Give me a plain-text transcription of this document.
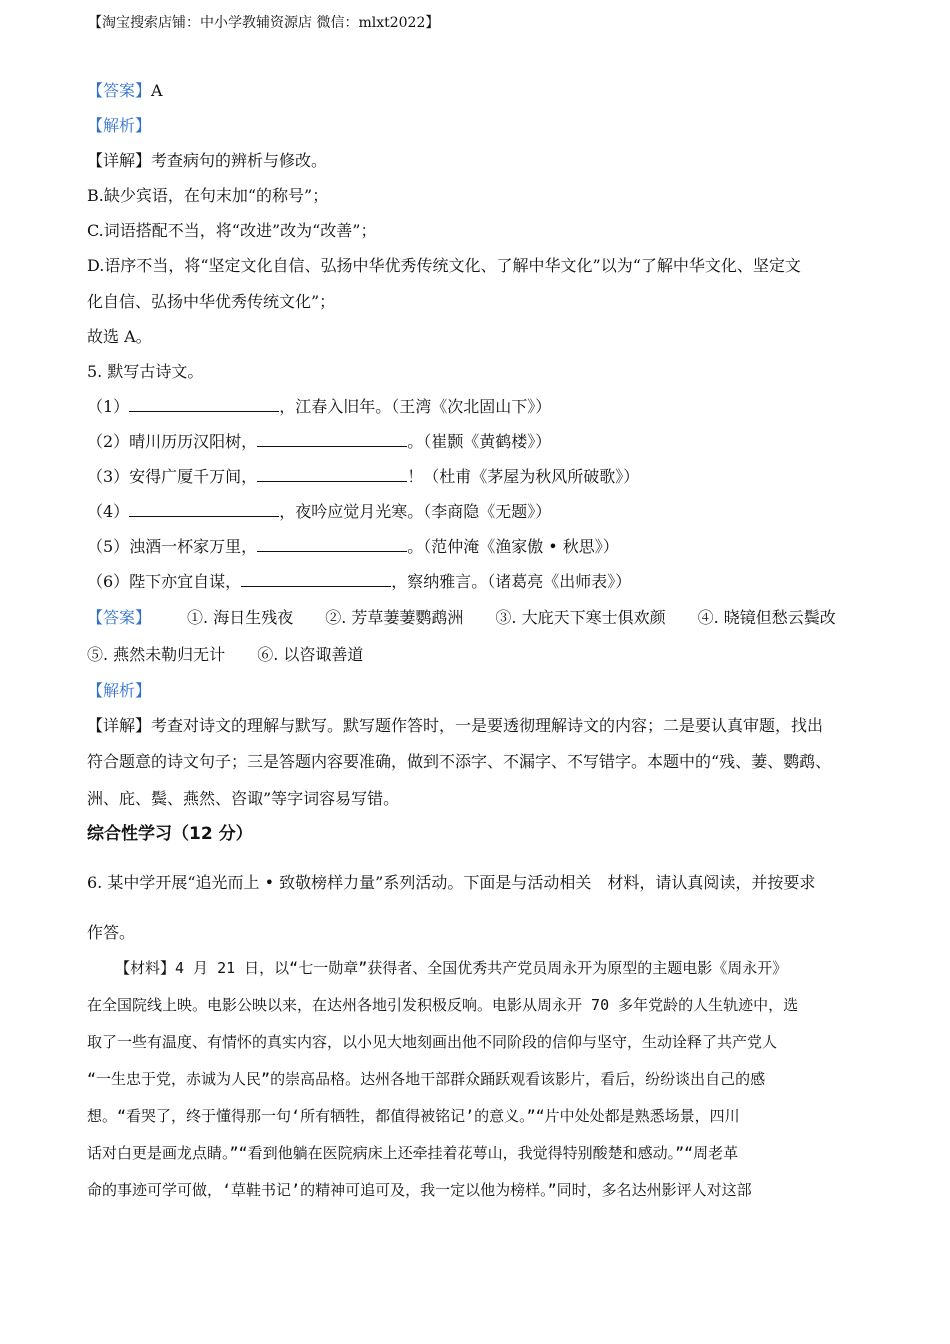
【淘宝搜索店铺：中小学教辅资源店 微信：mlxt2022】
【答案】A
【解析】
【详解】考查病句的辨析与修改。
B.缺少宾语，在句末加“的称号”；
C.词语搭配不当，将“改进”改为“改善”；
D.语序不当，将“坚定文化自信、弘扬中华优秀传统文化、了解中华文化”以为“了解中华文化、坚定文
化自信、弘扬中华优秀传统文化”；
故选 A。
5. 默写古诗文。
（1）	，江春入旧年。（王湾《次北固山下》）
（2）晴川历历汉阳树，	。（崔颢《黄鹤楼》）
（3）安得广厦千万间，	！（杜甫《茅屋为秋风所破歌》）
（4）	，夜吟应觉月光寒。（李商隐《无题》）
（5）浊酒一杯家万里，	。（范仲淹《渔家傲 • 秋思》）
（6）陛下亦宜自谋，	，察纳雅言。（诸葛亮《出师表》）
【答案】 ①. 海日生残夜 ②. 芳草萋萋鹦鹉洲 ③. 大庇天下寒士俱欢颜 ④. 晓镜但愁云鬓改
⑤. 燕然未勒归无计 ⑥. 以咨诹善道
【解析】
【详解】考查对诗文的理解与默写。默写题作答时，一是要透彻理解诗文的内容；二是要认真审题，找出
符合题意的诗文句子；三是答题内容要准确，做到不添字、不漏字、不写错字。本题中的“残、萋、鹦鹉、
洲、庇、鬓、燕然、咨诹”等字词容易写错。
综合性学习（12 分）
6. 某中学开展“追光而上 • 致敬榜样力量”系列活动。下面是与活动相关　材料，请认真阅读，并按要求
作答。
【材料】4 月 21 日，以“七一勋章”获得者、全国优秀共产党员周永开为原型的主题电影《周永开》
在全国院线上映。电影公映以来，在达州各地引发积极反响。电影从周永开 70 多年党龄的人生轨迹中，选
取了一些有温度、有情怀的真实内容，以小见大地刻画出他不同阶段的信仰与坚守，生动诠释了共产党人
“一生忠于党，赤诚为人民”的崇高品格。达州各地干部群众踊跃观看该影片，看后，纷纷谈出自己的感
想。“看哭了，终于懂得那一句‘所有牺牲，都值得被铭记’的意义。”“片中处处都是熟悉场景，四川
话对白更是画龙点睛。”“看到他躺在医院病床上还牵挂着花萼山，我觉得特别酸楚和感动。”“周老革
命的事迹可学可做，‘草鞋书记’的精神可追可及，我一定以他为榜样。”同时，多名达州影评人对这部
